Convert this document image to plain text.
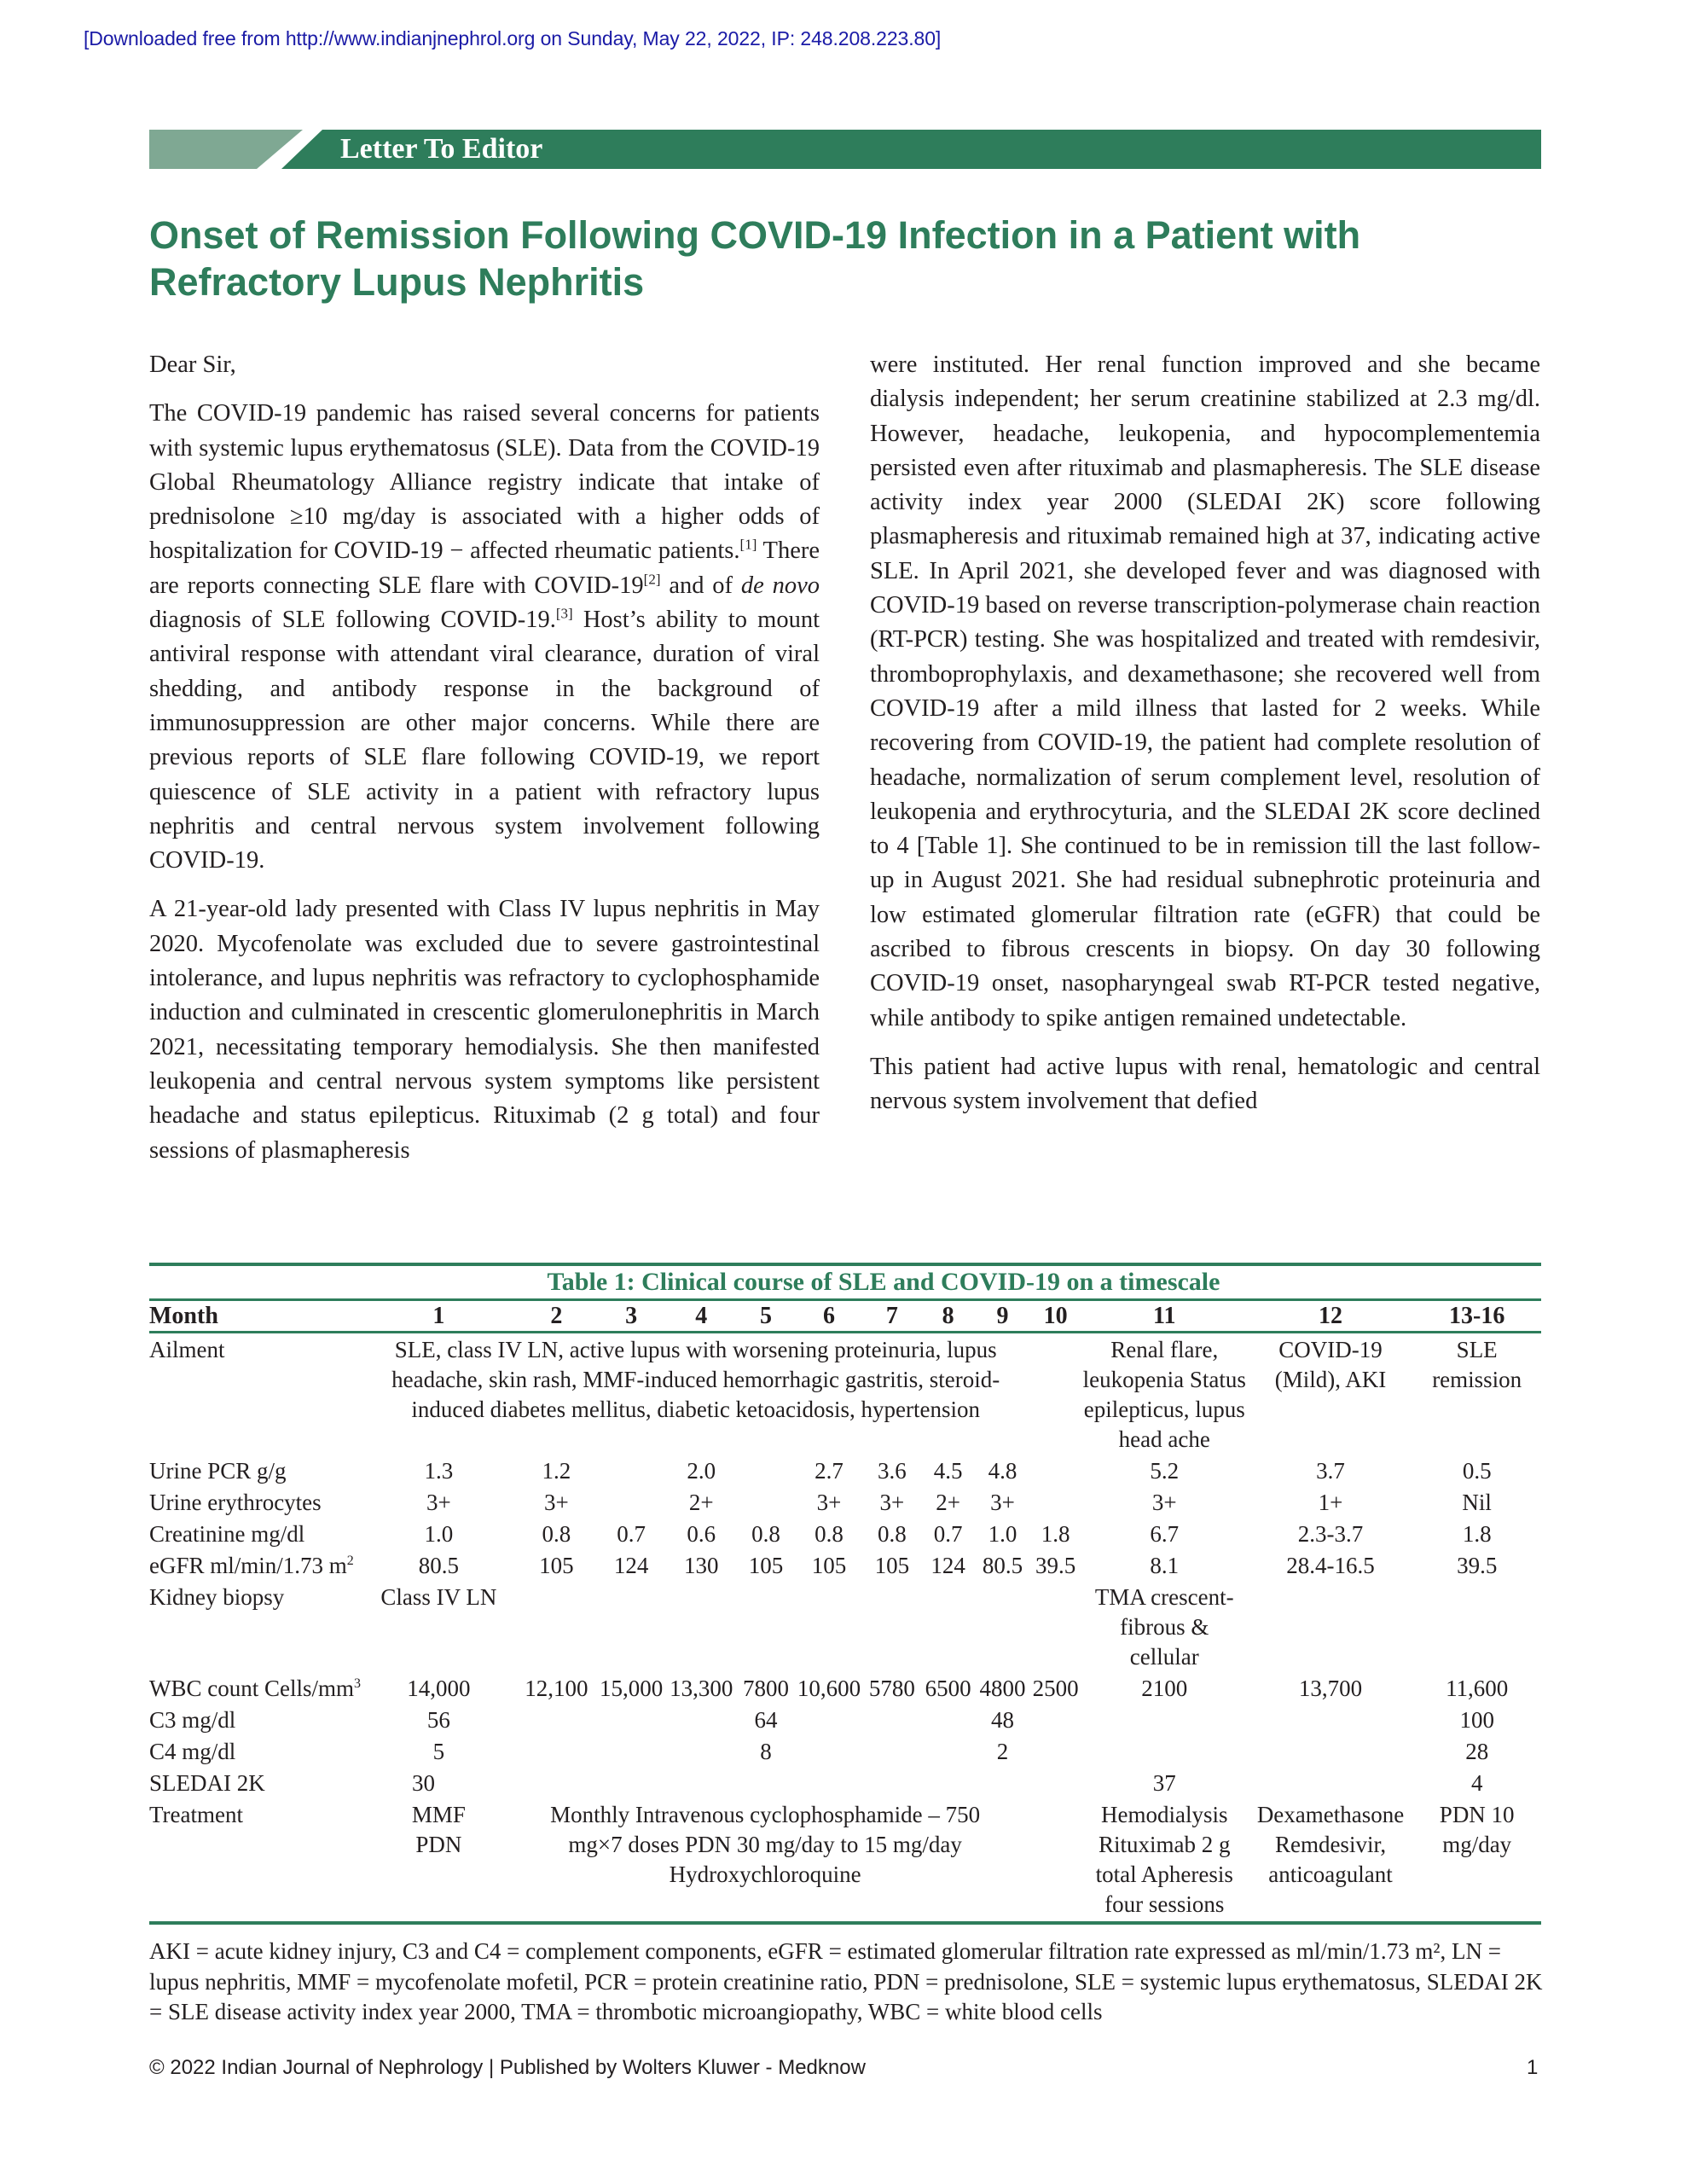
[Downloaded free from http://www.indianjnephrol.org on Sunday, May 22, 2022, IP: 248.208.223.80]
Letter To Editor
Onset of Remission Following COVID-19 Infection in a Patient with Refractory Lupus Nephritis

Dear Sir,

The COVID-19 pandemic has raised several concerns for patients with systemic lupus erythematosus (SLE). Data from the COVID-19 Global Rheumatology Alliance registry indicate that intake of prednisolone ≥10 mg/day is associated with a higher odds of hospitalization for COVID-19 − affected rheumatic patients.[1] There are reports connecting SLE flare with COVID-19[2] and of de novo diagnosis of SLE following COVID-19.[3] Host’s ability to mount antiviral response with attendant viral clearance, duration of viral shedding, and antibody response in the background of immunosuppression are other major concerns. While there are previous reports of SLE flare following COVID-19, we report quiescence of SLE activity in a patient with refractory lupus nephritis and central nervous system involvement following COVID-19.

A 21-year-old lady presented with Class IV lupus nephritis in May 2020. Mycofenolate was excluded due to severe gastrointestinal intolerance, and lupus nephritis was refractory to cyclophosphamide induction and culminated in crescentic glomerulonephritis in March 2021, necessitating temporary hemodialysis. She then manifested leukopenia and central nervous system symptoms like persistent headache and status epilepticus. Rituximab (2 g total) and four sessions of plasmapheresis

were instituted. Her renal function improved and she became dialysis independent; her serum creatinine stabilized at 2.3 mg/dl. However, headache, leukopenia, and hypocomplementemia persisted even after rituximab and plasmapheresis. The SLE disease activity index year 2000 (SLEDAI 2K) score following plasmapheresis and rituximab remained high at 37, indicating active SLE. In April 2021, she developed fever and was diagnosed with COVID-19 based on reverse transcription-polymerase chain reaction (RT-PCR) testing. She was hospitalized and treated with remdesivir, thromboprophylaxis, and dexamethasone; she recovered well from COVID-19 after a mild illness that lasted for 2 weeks. While recovering from COVID-19, the patient had complete resolution of headache, normalization of serum complement level, resolution of leukopenia and erythrocyturia, and the SLEDAI 2K score declined to 4 [Table 1]. She continued to be in remission till the last follow-up in August 2021. She had residual subnephrotic proteinuria and low estimated glomerular filtration rate (eGFR) that could be ascribed to fibrous crescents in biopsy. On day 30 following COVID-19 onset, nasopharyngeal swab RT-PCR tested negative, while antibody to spike antigen remained undetectable.

This patient had active lupus with renal, hematologic and central nervous system involvement that defied

Table 1: Clinical course of SLE and COVID-19 on a timescale
Month	1	2	3	4	5	6	7	8	9	10	11	12	13-16
Ailment	SLE, class IV LN, active lupus with worsening proteinuria, lupus headache, skin rash, MMF-induced hemorrhagic gastritis, steroid-induced diabetes mellitus, diabetic ketoacidosis, hypertension										Renal flare, leukopenia Status epilepticus, lupus head ache	COVID-19 (Mild), AKI	SLE remission
Urine PCR g/g	1.3	1.2		2.0		2.7	3.6	4.5	4.8		5.2	3.7	0.5
Urine erythrocytes	3+	3+		2+		3+	3+	2+	3+		3+	1+	Nil
Creatinine mg/dl	1.0	0.8	0.7	0.6	0.8	0.8	0.8	0.7	1.0	1.8	6.7	2.3-3.7	1.8
eGFR ml/min/1.73 $m^2$	80.5	105	124	130	105	105	105	124	80.5	39.5	8.1	28.4-16.5	39.5
Kidney biopsy	Class IV LN										TMA crescent-fibrous & cellular		
WBC count Cells/$mm^3$	14,000	12,100	15,000	13,300	7800	10,600	5780	6500	4800	2500	2100	13,700	11,600
C3 mg/dl	56				64				48				100
C4 mg/dl	5				8				2				28
SLEDAI 2K	30										37		4
Treatment	MMF PDN	Monthly Intravenous cyclophosphamide – 750 mg×7 doses PDN 30 mg/day to 15 mg/day Hydroxychloroquine									Hemodialysis Rituximab 2 g total Apheresis four sessions	Dexamethasone Remdesivir, anticoagulant	PDN 10 mg/day
AKI = acute kidney injury, C3 and C4 = complement components, eGFR = estimated glomerular filtration rate expressed as ml/min/1.73 m², LN = lupus nephritis, MMF = mycofenolate mofetil, PCR = protein creatinine ratio, PDN = prednisolone, SLE = systemic lupus erythematosus, SLEDAI 2K = SLE disease activity index year 2000, TMA = thrombotic microangiopathy, WBC = white blood cells
© 2022 Indian Journal of Nephrology | Published by Wolters Kluwer - Medknow	1
